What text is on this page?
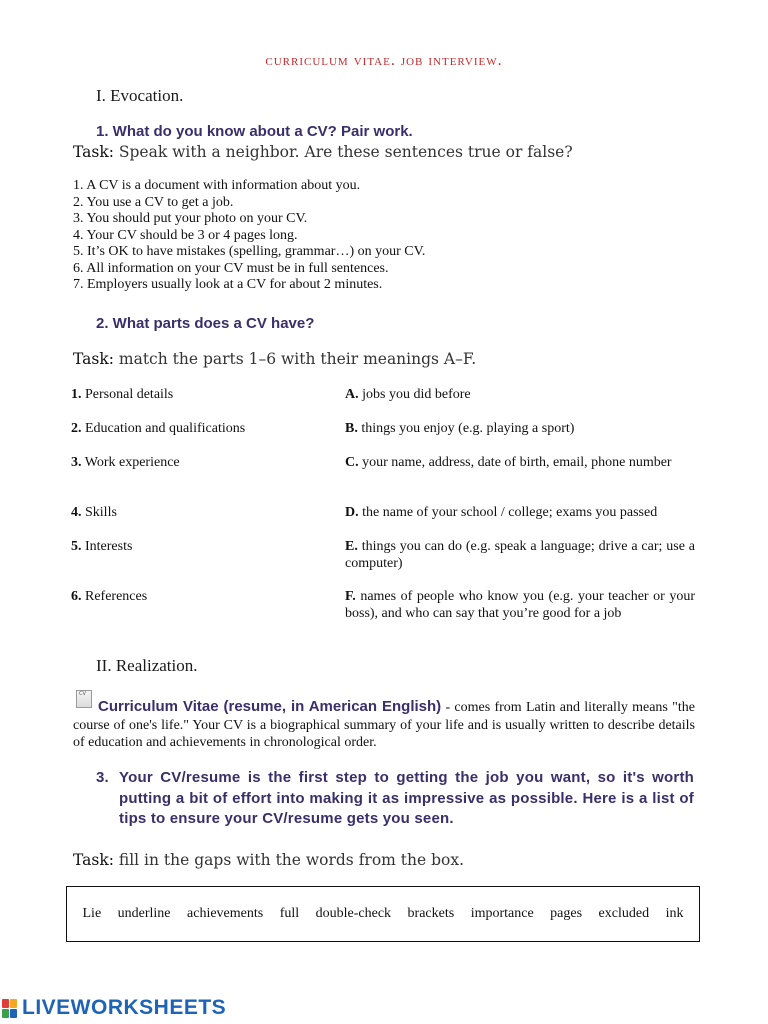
curriculum vitae. job interview.
I. Evocation.
1. What do you know about a CV? Pair work.
Task: Speak with a neighbor. Are these sentences true or false?
1. A CV is a document with information about you.
2. You use a CV to get a job.
3. You should put your photo on your CV.
4. Your CV should be 3 or 4 pages long.
5. It’s OK to have mistakes (spelling, grammar…) on your CV.
6. All information on your CV must be in full sentences.
7. Employers usually look at a CV for about 2 minutes.
2. What parts does a CV have?
Task: match the parts 1–6 with their meanings A–F.
1. Personal details
2. Education and qualifications
3. Work experience
4. Skills
5. Interests
6. References
A. jobs you did before
B. things you enjoy (e.g. playing a sport)
C. your name, address, date of birth, email, phone number
D. the name of your school / college; exams you passed
E. things you can do (e.g. speak a language; drive a car; use a computer)
F. names of people who know you (e.g. your teacher or your boss), and who can say that you’re good for a job
II. Realization.
CV
Curriculum Vitae (resume, in American English) - comes from Latin and literally means "the course of one's life." Your CV is a biographical summary of your life and is usually written to describe details of education and achievements in chronological order.
3. Your CV/resume is the first step to getting the job you want, so it's worth putting a bit of effort into making it as impressive as possible. Here is a list of tips to ensure your CV/resume gets you seen.
Task: fill in the gaps with the words from the box.
Lie   underline   achievements   full   double-check   brackets   importance   pages   excluded   ink
LIVEWORKSHEETS
